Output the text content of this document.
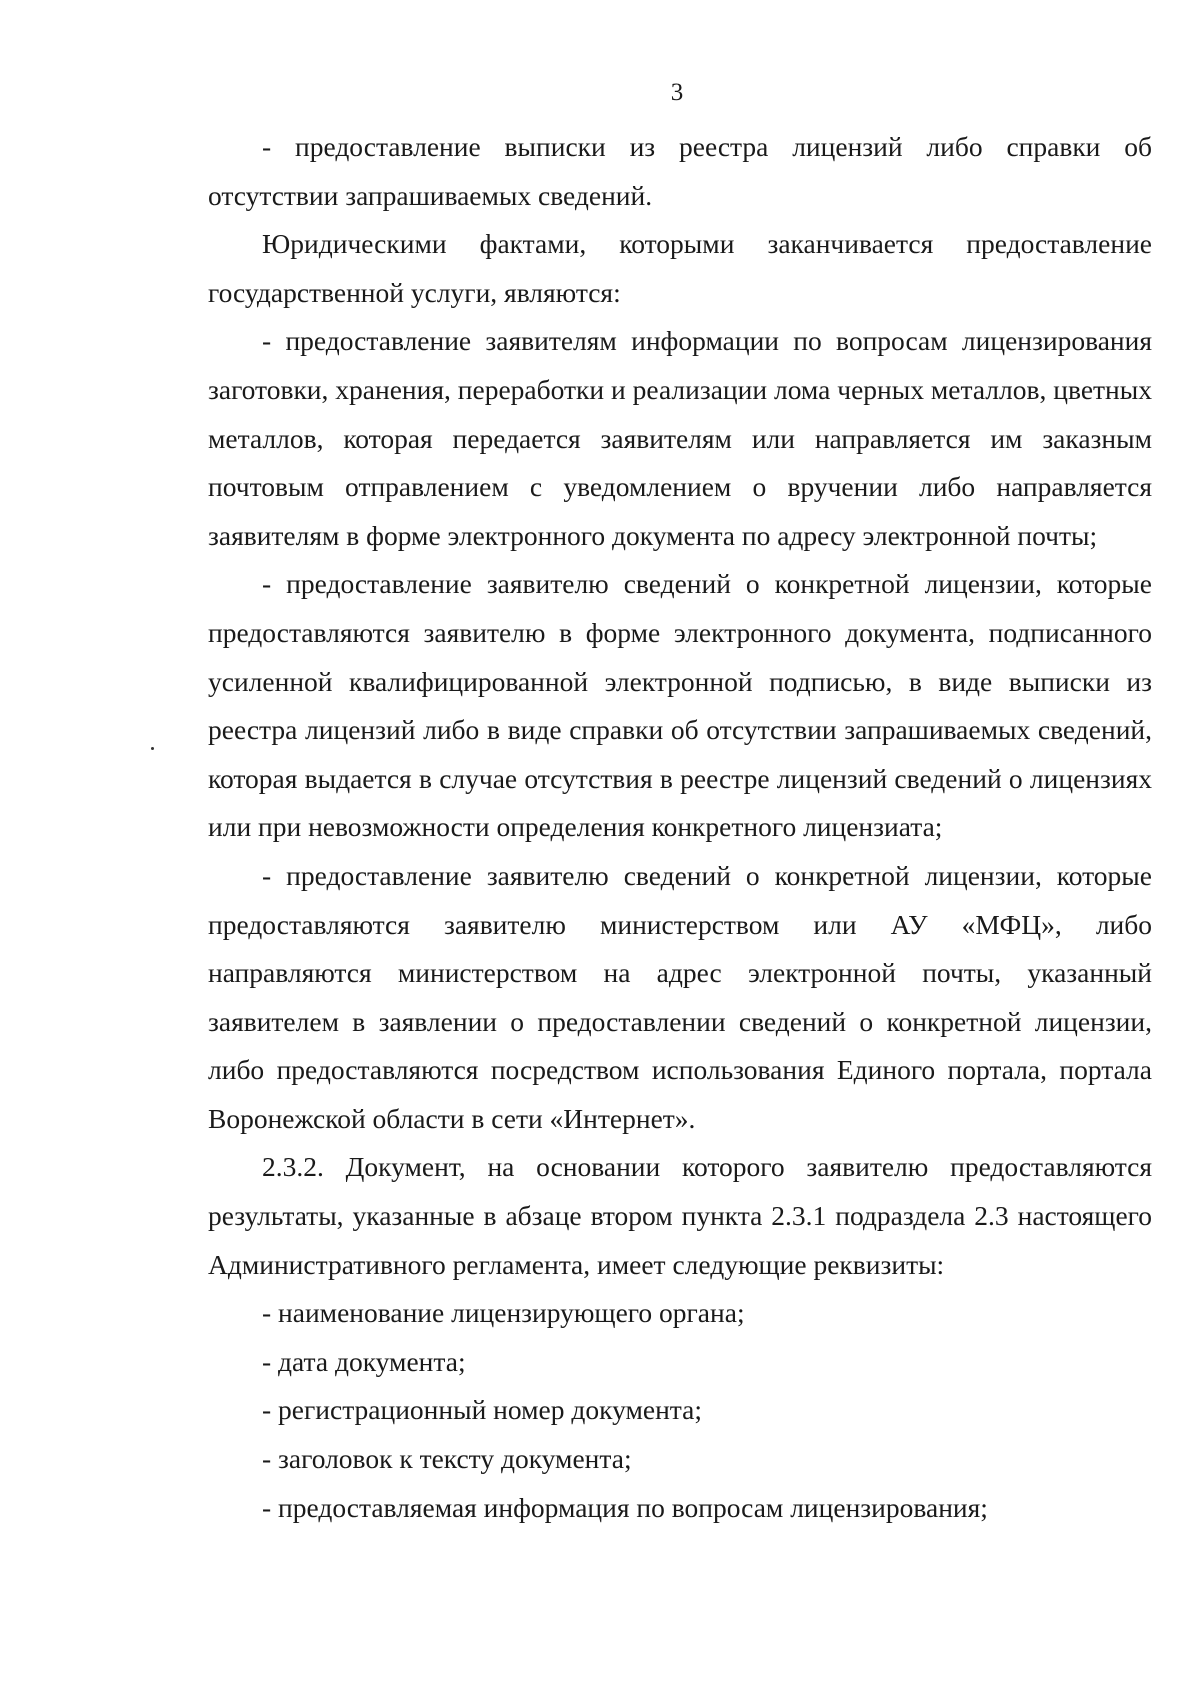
3

- предоставление выписки из реестра лицензий либо справки об отсутствии запрашиваемых сведений.

Юридическими фактами, которыми заканчивается предоставление государственной услуги, являются:

- предоставление заявителям информации по вопросам лицензирования заготовки, хранения, переработки и реализации лома черных металлов, цветных металлов, которая передается заявителям или направляется им заказным почтовым отправлением с уведомлением о вручении либо направляется заявителям в форме электронного документа по адресу электронной почты;

- предоставление заявителю сведений о конкретной лицензии, которые предоставляются заявителю в форме электронного документа, подписанного усиленной квалифицированной электронной подписью, в виде выписки из реестра лицензий либо в виде справки об отсутствии запрашиваемых сведений, которая выдается в случае отсутствия в реестре лицензий сведений о лицензиях или при невозможности определения конкретного лицензиата;

- предоставление заявителю сведений о конкретной лицензии, которые предоставляются заявителю министерством или АУ «МФЦ», либо направляются министерством на адрес электронной почты, указанный заявителем в заявлении о предоставлении сведений о конкретной лицензии, либо предоставляются посредством использования Единого портала, портала Воронежской области в сети «Интернет».

2.3.2. Документ, на основании которого заявителю предоставляются результаты, указанные в абзаце втором пункта 2.3.1 подраздела 2.3 настоящего Административного регламента, имеет следующие реквизиты:

- наименование лицензирующего органа;

- дата документа;

- регистрационный номер документа;

- заголовок к тексту документа;

- предоставляемая информация по вопросам лицензирования;
